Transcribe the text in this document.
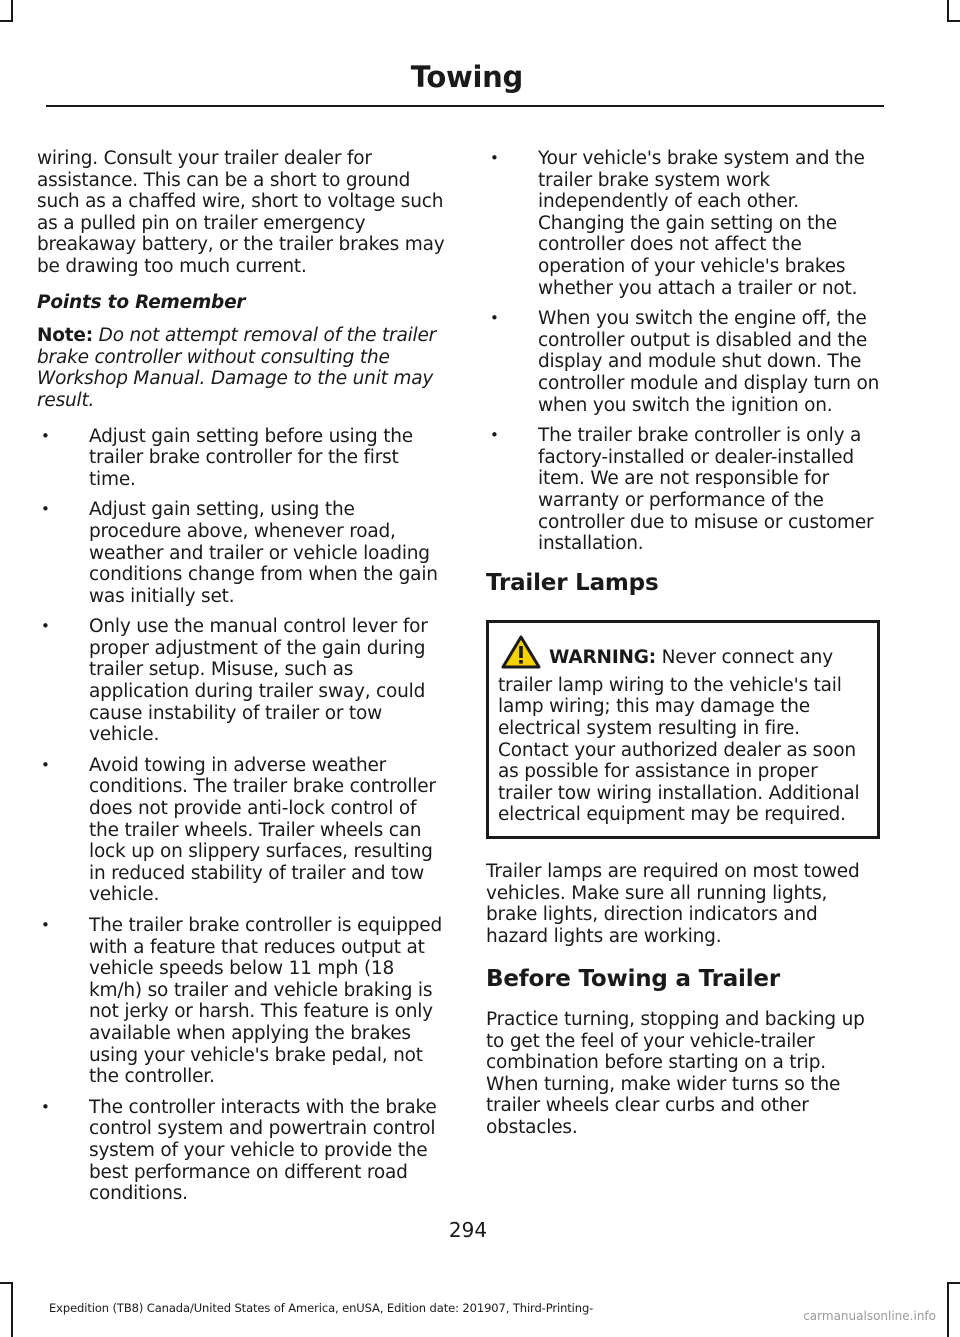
Towing

wiring. Consult your trailer dealer for assistance. This can be a short to ground such as a chaffed wire, short to voltage such as a pulled pin on trailer emergency breakaway battery, or the trailer brakes may be drawing too much current.

Points to Remember

Note: Do not attempt removal of the trailer brake controller without consulting the Workshop Manual. Damage to the unit may result.

• Adjust gain setting before using the trailer brake controller for the first time.
• Adjust gain setting, using the procedure above, whenever road, weather and trailer or vehicle loading conditions change from when the gain was initially set.
• Only use the manual control lever for proper adjustment of the gain during trailer setup. Misuse, such as application during trailer sway, could cause instability of trailer or tow vehicle.
• Avoid towing in adverse weather conditions. The trailer brake controller does not provide anti-lock control of the trailer wheels. Trailer wheels can lock up on slippery surfaces, resulting in reduced stability of trailer and tow vehicle.
• The trailer brake controller is equipped with a feature that reduces output at vehicle speeds below 11 mph (18 km/h) so trailer and vehicle braking is not jerky or harsh. This feature is only available when applying the brakes using your vehicle's brake pedal, not the controller.
• The controller interacts with the brake control system and powertrain control system of your vehicle to provide the best performance on different road conditions.
• Your vehicle's brake system and the trailer brake system work independently of each other. Changing the gain setting on the controller does not affect the operation of your vehicle's brakes whether you attach a trailer or not.
• When you switch the engine off, the controller output is disabled and the display and module shut down. The controller module and display turn on when you switch the ignition on.
• The trailer brake controller is only a factory-installed or dealer-installed item. We are not responsible for warranty or performance of the controller due to misuse or customer installation.
Trailer Lamps
WARNING: Never connect any trailer lamp wiring to the vehicle's tail lamp wiring; this may damage the electrical system resulting in fire. Contact your authorized dealer as soon as possible for assistance in proper trailer tow wiring installation. Additional electrical equipment may be required.

Trailer lamps are required on most towed vehicles. Make sure all running lights, brake lights, direction indicators and hazard lights are working.

Before Towing a Trailer

Practice turning, stopping and backing up to get the feel of your vehicle-trailer combination before starting on a trip. When turning, make wider turns so the trailer wheels clear curbs and other obstacles.

294
Expedition (TB8) Canada/United States of America, enUSA, Edition date: 201907, Third-Printing-
carmanualsonline.info
